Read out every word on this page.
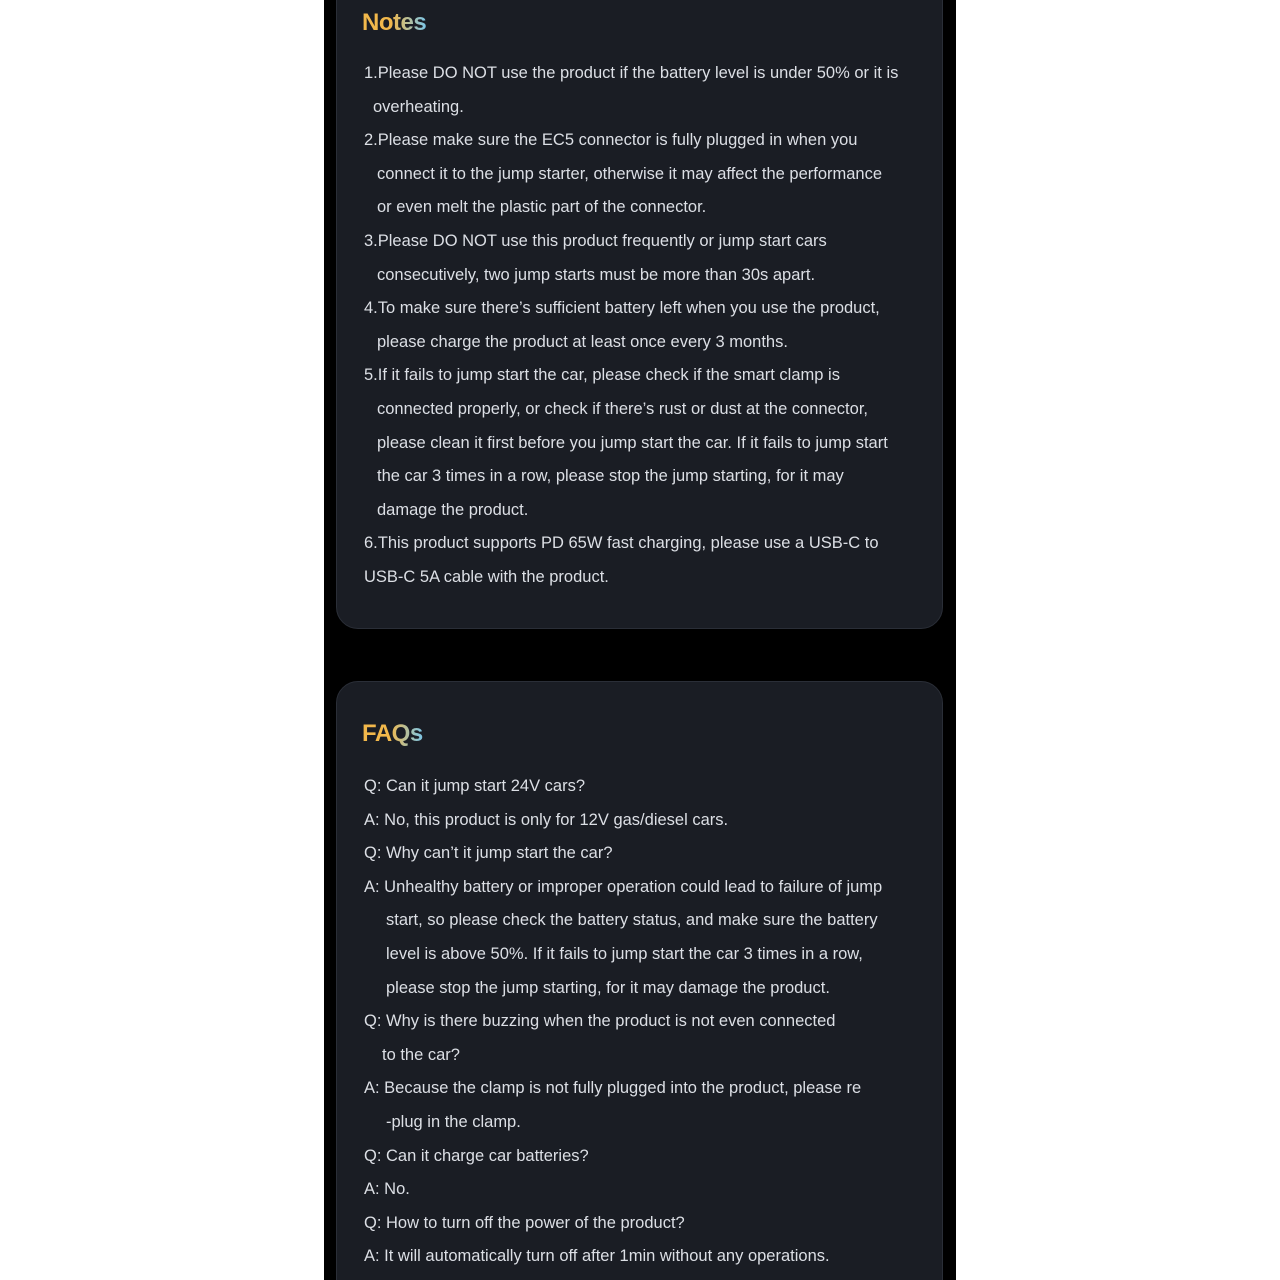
Notes
1.Please DO NOT use the product if the battery level is under 50% or it is
overheating.
2.Please make sure the EC5 connector is fully plugged in when you
connect it to the jump starter, otherwise it may affect the performance
or even melt the plastic part of the connector.
3.Please DO NOT use this product frequently or jump start cars
consecutively, two jump starts must be more than 30s apart.
4.To make sure there’s sufficient battery left when you use the product,
please charge the product at least once every 3 months.
5.If it fails to jump start the car, please check if the smart clamp is
connected properly, or check if there’s rust or dust at the connector,
please clean it first before you jump start the car. If it fails to jump start
the car 3 times in a row, please stop the jump starting, for it may
damage the product.
6.This product supports PD 65W fast charging, please use a USB-C to
USB-C 5A cable with the product.
FAQs
Q: Can it jump start 24V cars?
A: No, this product is only for 12V gas/diesel cars.
Q: Why can’t it jump start the car?
A: Unhealthy battery or improper operation could lead to failure of jump
start, so please check the battery status, and make sure the battery
level is above 50%. If it fails to jump start the car 3 times in a row,
please stop the jump starting, for it may damage the product.
Q: Why is there buzzing when the product is not even connected
to the car?
A: Because the clamp is not fully plugged into the product, please re
-plug in the clamp.
Q: Can it charge car batteries?
A: No.
Q: How to turn off the power of the product?
A: It will automatically turn off after 1min without any operations.
